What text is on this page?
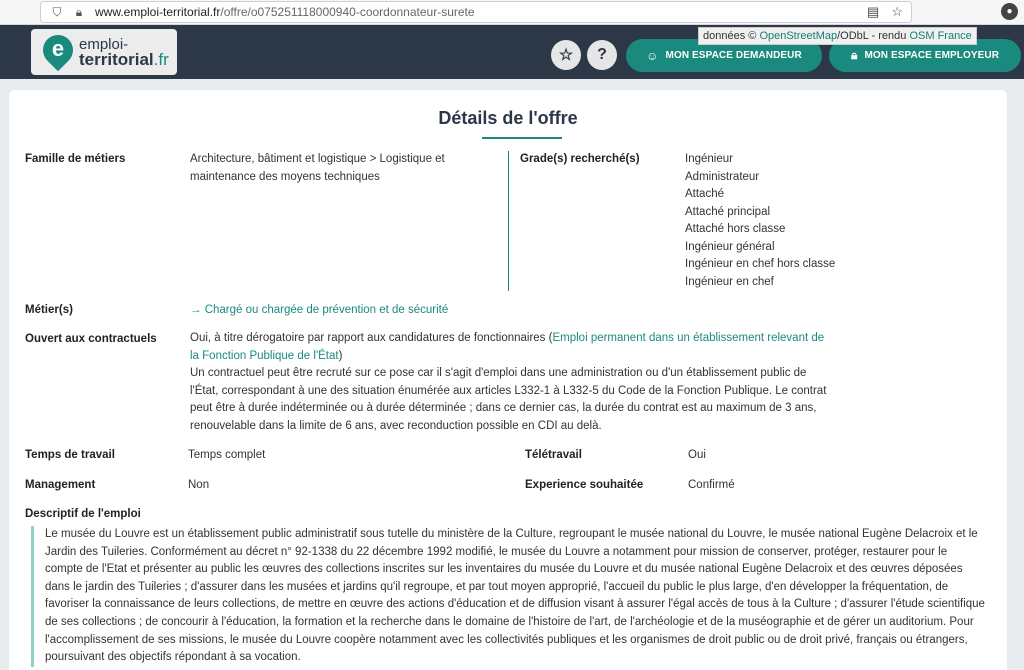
⛉ 🔒︎ www.emploi-territorial.fr/offre/o075251118000940-coordonnateur-surete	▤ ☆	●
données © OpenStreetMap/ODbL - rendu OSM France
e emploi-
territorial.fr	☆ ?	☺ MON ESPACE DEMANDEUR	🔒︎ MON ESPACE EMPLOYEUR
Détails de l'offre
Famille de métiers	Architecture, bâtiment et logistique > Logistique et maintenance des moyens techniques
Grade(s) recherché(s)	Ingénieur
Administrateur
Attaché
Attaché principal
Attaché hors classe
Ingénieur général
Ingénieur en chef hors classe
Ingénieur en chef
Métier(s)	→ Chargé ou chargée de prévention et de sécurité
Ouvert aux contractuels	Oui, à titre dérogatoire par rapport aux candidatures de fonctionnaires (Emploi permanent dans un établissement relevant de la Fonction Publique de l'État)
Un contractuel peut être recruté sur ce pose car il s'agit d'emploi dans une administration ou d'un établissement public de l'État, correspondant à une des situation énumérée aux articles L332-1 à L332-5 du Code de la Fonction Publique. Le contrat peut être à durée indéterminée ou à durée déterminée ; dans ce dernier cas, la durée du contrat est au maximum de 3 ans, renouvelable dans la limite de 6 ans, avec reconduction possible en CDI au delà.
Temps de travail	Temps complet	Télétravail	Oui
Management	Non	Experience souhaitée	Confirmé
Descriptif de l'emploi
Le musée du Louvre est un établissement public administratif sous tutelle du ministère de la Culture, regroupant le musée national du Louvre, le musée national Eugène Delacroix et le Jardin des Tuileries. Conformément au décret n° 92-1338 du 22 décembre 1992 modifié, le musée du Louvre a notamment pour mission de conserver, protéger, restaurer pour le compte de l'Etat et présenter au public les œuvres des collections inscrites sur les inventaires du musée du Louvre et du musée national Eugène Delacroix et des œuvres déposées dans le jardin des Tuileries ; d'assurer dans les musées et jardins qu'il regroupe, et par tout moyen approprié, l'accueil du public le plus large, d'en développer la fréquentation, de favoriser la connaissance de leurs collections, de mettre en œuvre des actions d'éducation et de diffusion visant à assurer l'égal accès de tous à la Culture ; d'assurer l'étude scientifique de ses collections ; de concourir à l'éducation, la formation et la recherche dans le domaine de l'histoire de l'art, de l'archéologie et de la muséographie et de gérer un auditorium. Pour l'accomplissement de ses missions, le musée du Louvre coopère notamment avec les collectivités publiques et les organismes de droit public ou de droit privé, français ou étrangers, poursuivant des objectifs répondant à sa vocation.
